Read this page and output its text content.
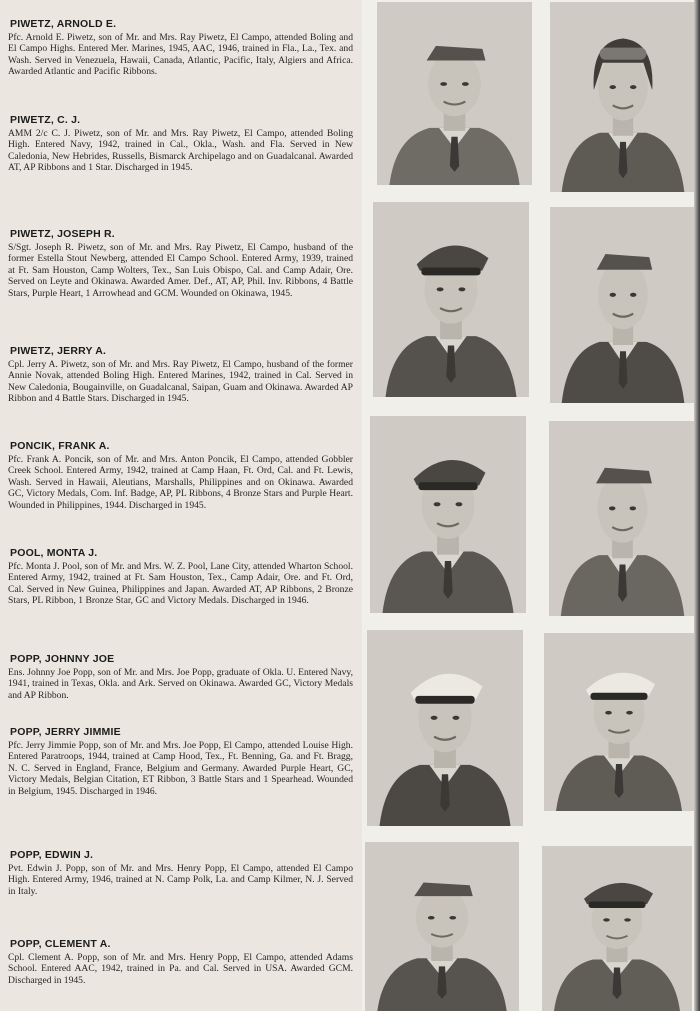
PIWETZ, ARNOLD E.

Pfc. Arnold E. Piwetz, son of Mr. and Mrs. Ray Piwetz, El Campo, attended Boling and El Campo Highs. Entered Mer. Marines, 1945, AAC, 1946, trained in Fla., La., Tex. and Wash. Served in Venezuela, Hawaii, Canada, Atlantic, Pacific, Italy, Algiers and Africa. Awarded Atlantic and Pacific Ribbons.

PIWETZ, C. J.

AMM 2/c C. J. Piwetz, son of Mr. and Mrs. Ray Piwetz, El Campo, attended Boling High. Entered Navy, 1942, trained in Cal., Okla., Wash. and Fla. Served in New Caledonia, New Hebrides, Russells, Bismarck Archipelago and on Guadalcanal. Awarded AT, AP Ribbons and 1 Star. Discharged in 1945.

PIWETZ, JOSEPH R.

S/Sgt. Joseph R. Piwetz, son of Mr. and Mrs. Ray Piwetz, El Campo, husband of the former Estella Stout Newberg, attended El Campo School. Entered Army, 1939, trained at Ft. Sam Houston, Camp Wolters, Tex., San Luis Obispo, Cal. and Camp Adair, Ore. Served on Leyte and Okinawa. Awarded Amer. Def., AT, AP, Phil. Inv. Ribbons, 4 Battle Stars, Purple Heart, 1 Arrowhead and GCM. Wounded on Okinawa, 1945.

PIWETZ, JERRY A.

Cpl. Jerry A. Piwetz, son of Mr. and Mrs. Ray Piwetz, El Campo, husband of the former Annie Novak, attended Boling High. Entered Marines, 1942, trained in Cal. Served in New Caledonia, Bougainville, on Guadalcanal, Saipan, Guam and Okinawa. Awarded AP Ribbon and 4 Battle Stars. Discharged in 1945.

PONCIK, FRANK A.

Pfc. Frank A. Poncik, son of Mr. and Mrs. Anton Poncik, El Campo, attended Gobbler Creek School. Entered Army, 1942, trained at Camp Haan, Ft. Ord, Cal. and Ft. Lewis, Wash. Served in Hawaii, Aleutians, Marshalls, Philippines and on Okinawa. Awarded GC, Victory Medals, Com. Inf. Badge, AP, PL Ribbons, 4 Bronze Stars and Purple Heart. Wounded in Philippines, 1944. Discharged in 1945.

POOL, MONTA J.

Pfc. Monta J. Pool, son of Mr. and Mrs. W. Z. Pool, Lane City, attended Wharton School. Entered Army, 1942, trained at Ft. Sam Houston, Tex., Camp Adair, Ore. and Ft. Ord, Cal. Served in New Guinea, Philippines and Japan. Awarded AT, AP Ribbons, 2 Bronze Stars, PL Ribbon, 1 Bronze Star, GC and Victory Medals. Discharged in 1946.

POPP, JOHNNY JOE

Ens. Johnny Joe Popp, son of Mr. and Mrs. Joe Popp, graduate of Okla. U. Entered Navy, 1941, trained in Texas, Okla. and Ark. Served on Okinawa. Awarded GC, Victory Medals and AP Ribbon.

POPP, JERRY JIMMIE

Pfc. Jerry Jimmie Popp, son of Mr. and Mrs. Joe Popp, El Campo, attended Louise High. Entered Paratroops, 1944, trained at Camp Hood, Tex., Ft. Benning, Ga. and Ft. Bragg, N. C. Served in England, France, Belgium and Germany. Awarded Purple Heart, GC, Victory Medals, Belgian Citation, ET Ribbon, 3 Battle Stars and 1 Spearhead. Wounded in Belgium, 1945. Discharged in 1946.

POPP, EDWIN J.

Pvt. Edwin J. Popp, son of Mr. and Mrs. Henry Popp, El Campo, attended El Campo High. Entered Army, 1946, trained at N. Camp Polk, La. and Camp Kilmer, N. J. Served in Italy.

POPP, CLEMENT A.

Cpl. Clement A. Popp, son of Mr. and Mrs. Henry Popp, El Campo, attended Adams School. Entered AAC, 1942, trained in Pa. and Cal. Served in USA. Awarded GCM. Discharged in 1945.
